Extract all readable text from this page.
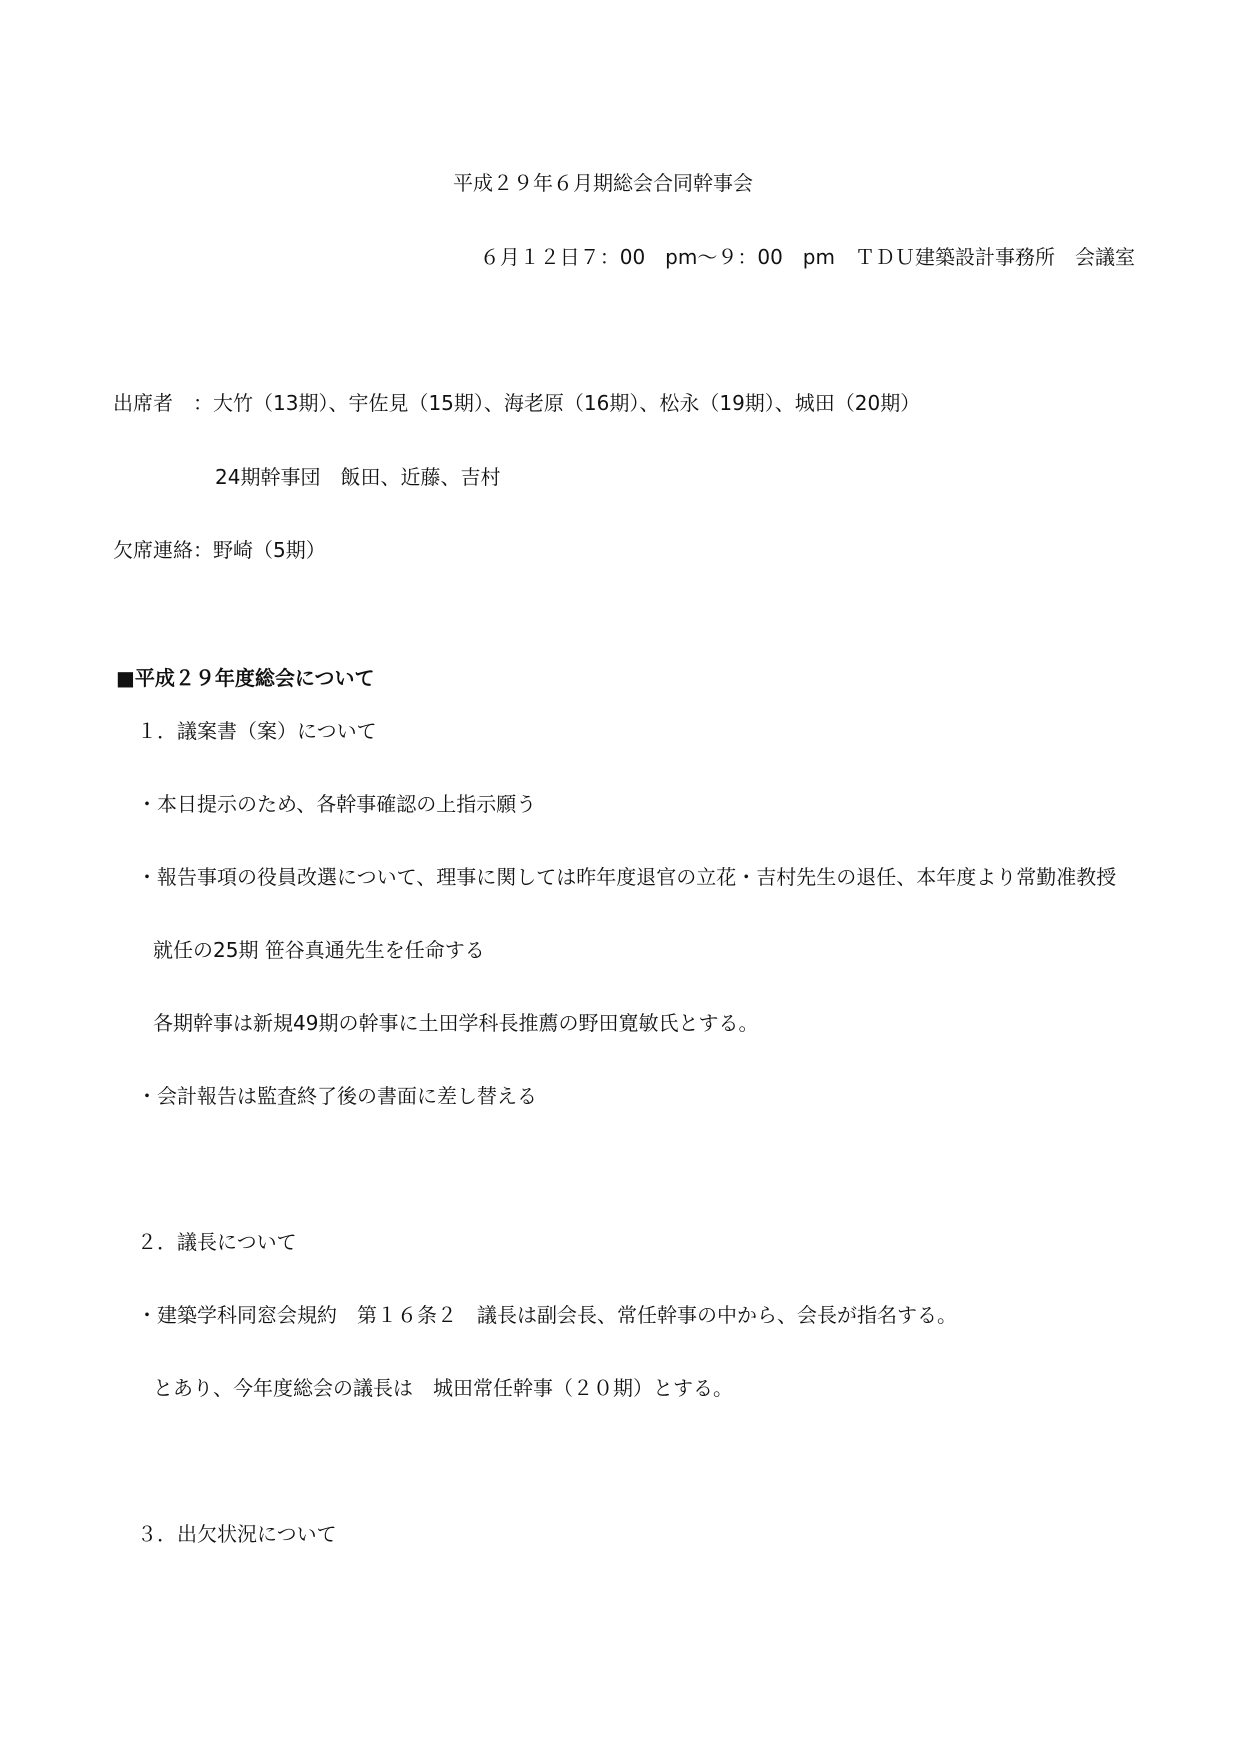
平成２９年６月期総会合同幹事会
６月１２日７：00　pm～９：00　pm　ＴＤＵ建築設計事務所　会議室
出席者　：大竹（13期）、宇佐見（15期）、海老原（16期）、松永（19期）、城田（20期）
24期幹事団　飯田、近藤、吉村
欠席連絡：野崎（5期）
■平成２９年度総会について
１．議案書（案）について
・本日提示のため、各幹事確認の上指示願う
・報告事項の役員改選について、理事に関しては昨年度退官の立花・吉村先生の退任、本年度より常勤准教授
就任の25期 笹谷真通先生を任命する
各期幹事は新規49期の幹事に土田学科長推薦の野田寛敏氏とする。
・会計報告は監査終了後の書面に差し替える
２．議長について
・建築学科同窓会規約　第１６条２　議長は副会長、常任幹事の中から、会長が指名する。
とあり、今年度総会の議長は　城田常任幹事（２０期）とする。
３．出欠状況について
